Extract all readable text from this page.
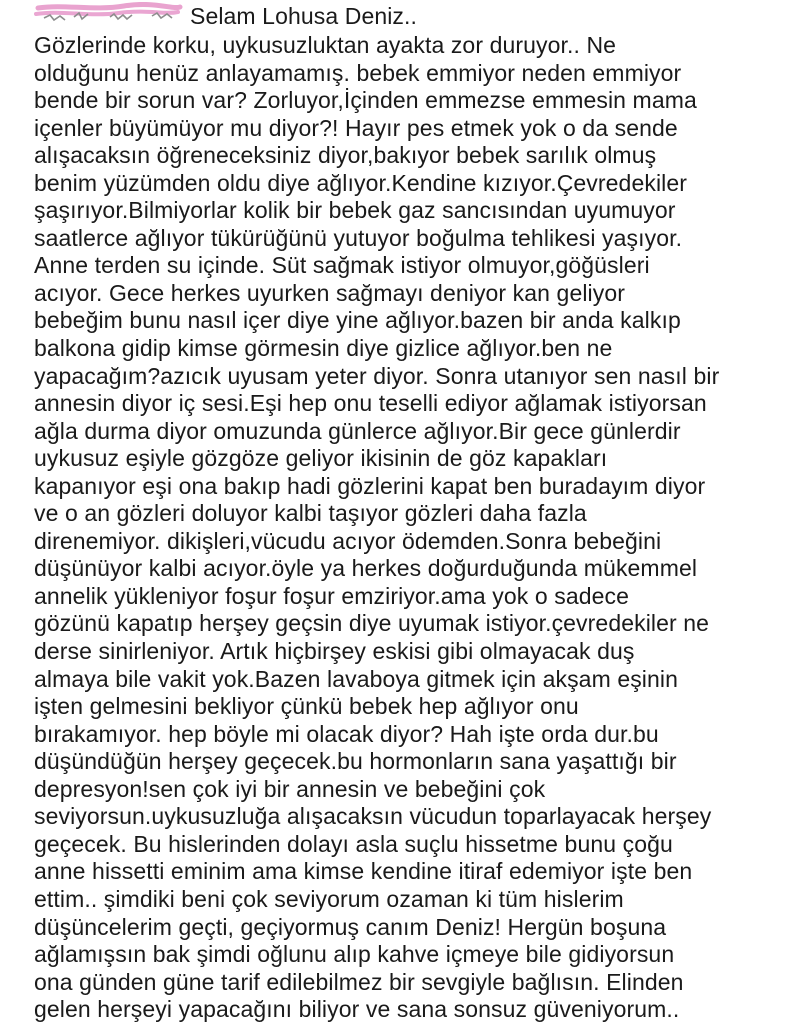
Selam Lohusa Deniz..
Gözlerinde korku, uykusuzluktan ayakta zor duruyor.. Ne
olduğunu henüz anlayamamış. bebek emmiyor neden emmiyor
bende bir sorun var? Zorluyor,İçinden emmezse emmesin mama
içenler büyümüyor mu diyor?! Hayır pes etmek yok o da sende
alışacaksın öğreneceksiniz diyor,bakıyor bebek sarılık olmuş
benim yüzümden oldu diye ağlıyor.Kendine kızıyor.Çevredekiler
şaşırıyor.Bilmiyorlar kolik bir bebek gaz sancısından uyumuyor
saatlerce ağlıyor tükürüğünü yutuyor boğulma tehlikesi yaşıyor.
Anne terden su içinde. Süt sağmak istiyor olmuyor,göğüsleri
acıyor. Gece herkes uyurken sağmayı deniyor kan geliyor
bebeğim bunu nasıl içer diye yine ağlıyor.bazen bir anda kalkıp
balkona gidip kimse görmesin diye gizlice ağlıyor.ben ne
yapacağım?azıcık uyusam yeter diyor. Sonra utanıyor sen nasıl bir
annesin diyor iç sesi.Eşi hep onu teselli ediyor ağlamak istiyorsan
ağla durma diyor omuzunda günlerce ağlıyor.Bir gece günlerdir
uykusuz eşiyle gözgöze geliyor ikisinin de göz kapakları
kapanıyor eşi ona bakıp hadi gözlerini kapat ben buradayım diyor
ve o an gözleri doluyor kalbi taşıyor gözleri daha fazla
direnemiyor. dikişleri,vücudu acıyor ödemden.Sonra bebeğini
düşünüyor kalbi acıyor.öyle ya herkes doğurduğunda mükemmel
annelik yükleniyor foşur foşur emziriyor.ama yok o sadece
gözünü kapatıp herşey geçsin diye uyumak istiyor.çevredekiler ne
derse sinirleniyor. Artık hiçbirşey eskisi gibi olmayacak duş
almaya bile vakit yok.Bazen lavaboya gitmek için akşam eşinin
işten gelmesini bekliyor çünkü bebek hep ağlıyor onu
bırakamıyor. hep böyle mi olacak diyor? Hah işte orda dur.bu
düşündüğün herşey geçecek.bu hormonların sana yaşattığı bir
depresyon!sen çok iyi bir annesin ve bebeğini çok
seviyorsun.uykusuzluğa alışacaksın vücudun toparlayacak herşey
geçecek. Bu hislerinden dolayı asla suçlu hissetme bunu çoğu
anne hissetti eminim ama kimse kendine itiraf edemiyor işte ben
ettim.. şimdiki beni çok seviyorum ozaman ki tüm hislerim
düşüncelerim geçti, geçiyormuş canım Deniz! Hergün boşuna
ağlamışsın bak şimdi oğlunu alıp kahve içmeye bile gidiyorsun
ona günden güne tarif edilebilmez bir sevgiyle bağlısın. Elinden
gelen herşeyi yapacağını biliyor ve sana sonsuz güveniyorum..
